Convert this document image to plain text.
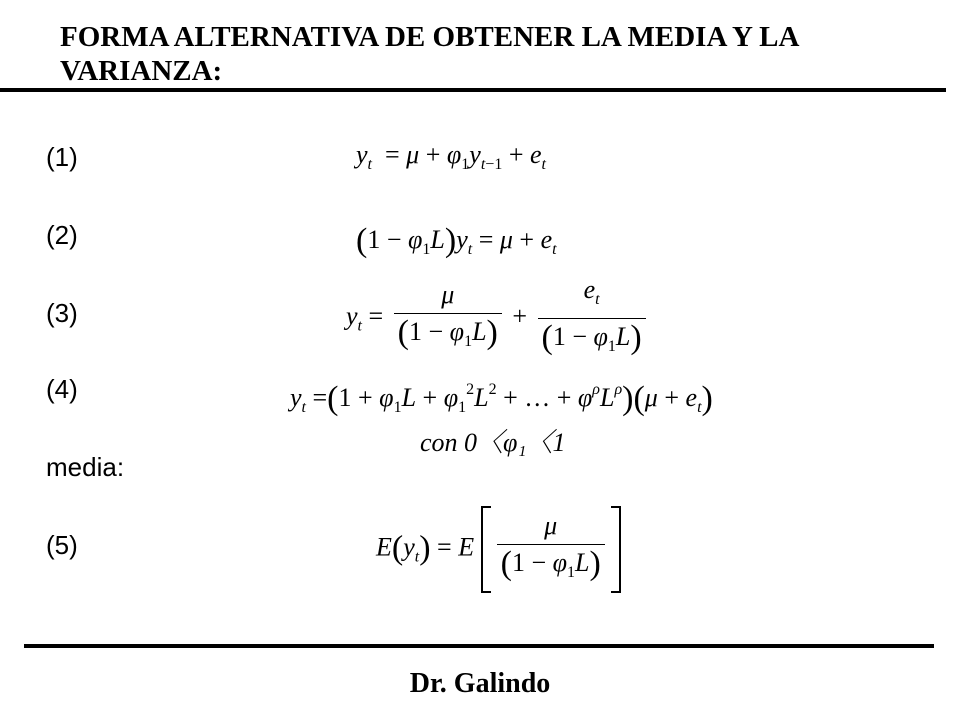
FORMA ALTERNATIVA DE OBTENER LA MEDIA Y LA VARIANZA:
(1)	$y_t = \mu + \varphi_1y_{t-1} + e_t$
(2)	$(1 - \varphi_1L)y_t = \mu + e_t$
(3)	$y_t = \frac{\mu}{(1 - \varphi_1L)} + \frac{e_t}{(1 - \varphi_1L)}$
(4)	$y_t =(1 + \varphi_1L + \varphi_1^2L^2$ + … + $\varphi^\rho L^\rho)(\mu + e_t)$
con 0〈φ₁〈1
media:
(5)	$E(y_t) = E \frac{\mu}{(1 - \varphi_1L)}$
Dr. Galindo
